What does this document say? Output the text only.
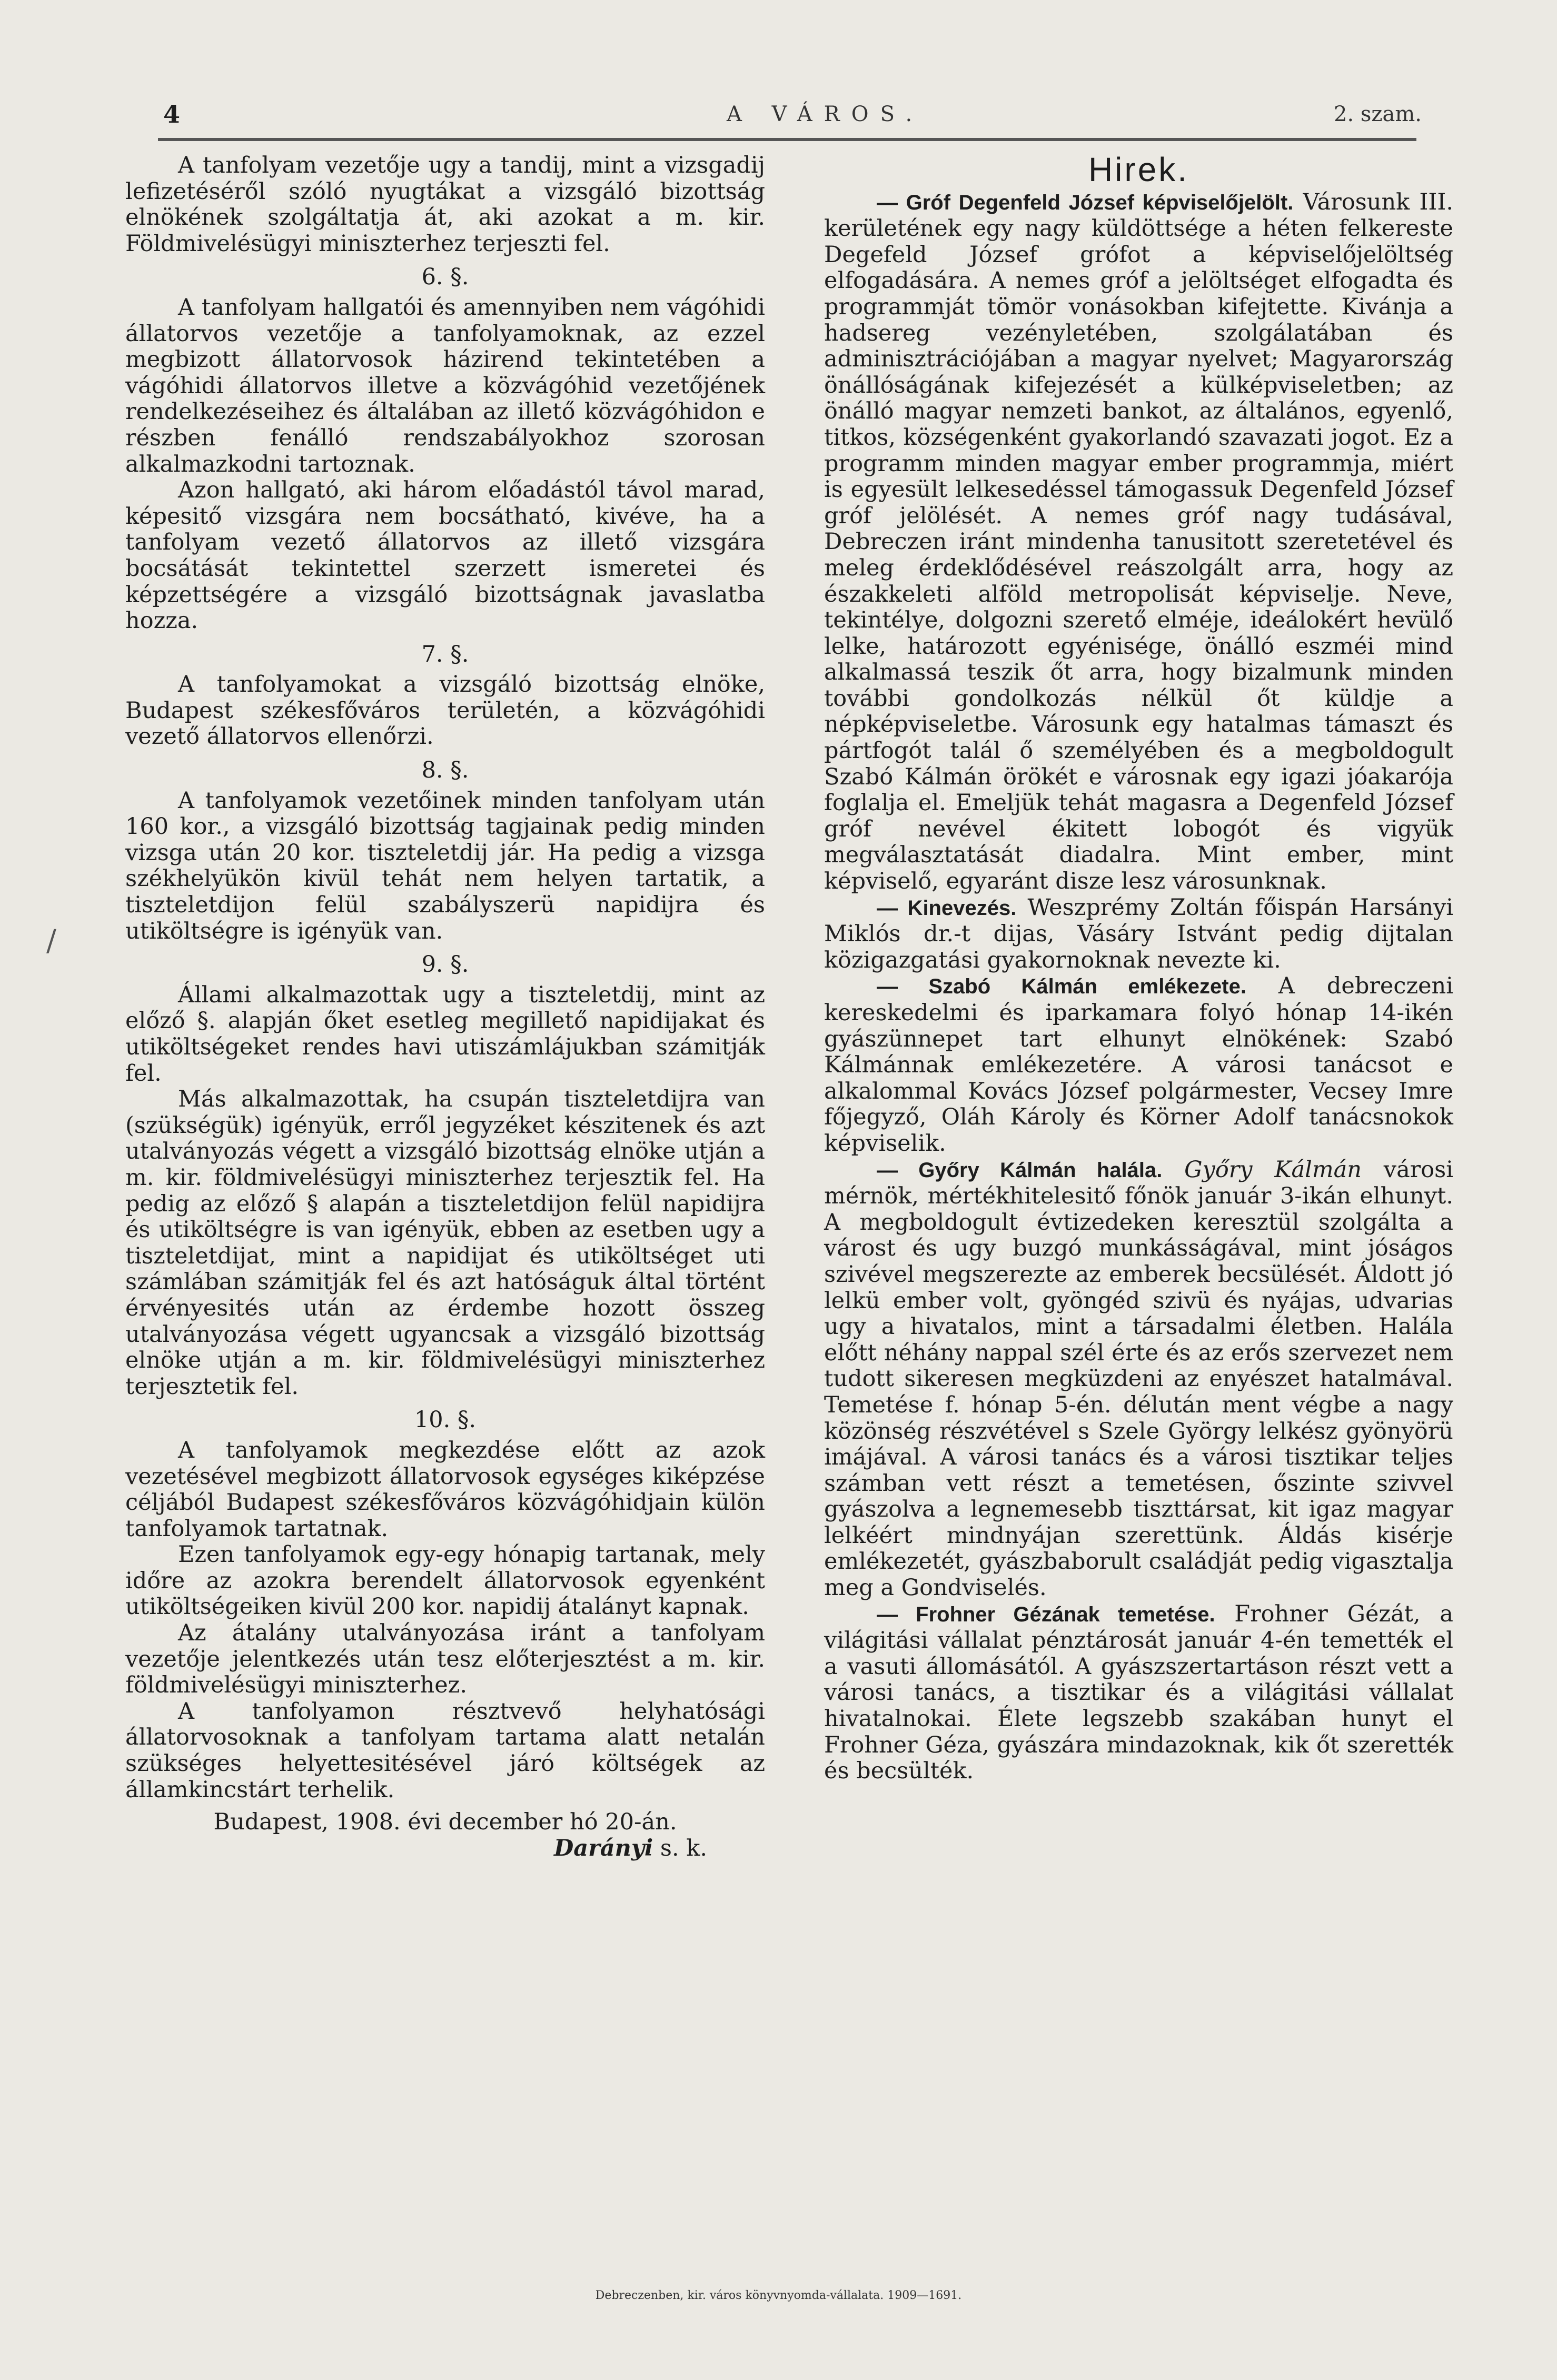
4	A VÁROS.	2. szam.
/

A tanfolyam vezetője ugy a tandij, mint a vizsgadij lefizetéséről szóló nyugtákat a vizsgáló bizottság elnökének szolgáltatja át, aki azokat a m. kir. Földmivelésügyi miniszterhez terjeszti fel.

6. §.

A tanfolyam hallgatói és amennyiben nem vágóhidi állatorvos vezetője a tanfolyamoknak, az ezzel megbizott állatorvosok házirend tekintetében a vágóhidi állatorvos illetve a közvágóhid vezetőjének rendelkezéseihez és általában az illető közvágóhidon e részben fenálló rendszabályokhoz szorosan alkalmazkodni tartoznak.

Azon hallgató, aki három előadástól távol marad, képesitő vizsgára nem bocsátható, kivéve, ha a tanfolyam vezető állatorvos az illető vizsgára bocsátását tekintettel szerzett ismeretei és képzettségére a vizsgáló bizottságnak javaslatba hozza.

7. §.

A tanfolyamokat a vizsgáló bizottság elnöke, Budapest székesfőváros területén, a közvágóhidi vezető állatorvos ellenőrzi.

8. §.

A tanfolyamok vezetőinek minden tanfolyam után 160 kor., a vizsgáló bizottság tagjainak pedig minden vizsga után 20 kor. tiszteletdij jár. Ha pedig a vizsga székhelyükön kivül tehát nem helyen tartatik, a tiszteletdijon felül szabályszerü napidijra és utiköltségre is igényük van.

9. §.

Állami alkalmazottak ugy a tiszteletdij, mint az előző §. alapján őket esetleg megillető napidijakat és utiköltségeket rendes havi utiszámlájukban számitják fel.

Más alkalmazottak, ha csupán tiszteletdijra van (szükségük) igényük, erről jegyzéket készitenek és azt utalványozás végett a vizsgáló bizottság elnöke utján a m. kir. földmivelésügyi miniszterhez terjesztik fel. Ha pedig az előző § alapán a tiszteletdijon felül napidijra és utiköltségre is van igényük, ebben az esetben ugy a tiszteletdijat, mint a napidijat és utiköltséget uti számlában számitják fel és azt hatóságuk által történt érvényesités után az érdembe hozott összeg utalványozása végett ugyancsak a vizsgáló bizottság elnöke utján a m. kir. földmivelésügyi miniszterhez terjesztetik fel.

10. §.

A tanfolyamok megkezdése előtt az azok vezetésével megbizott állatorvosok egységes kiképzése céljából Budapest székesfőváros közvágóhidjain külön tanfolyamok tartatnak.

Ezen tanfolyamok egy-egy hónapig tartanak, mely időre az azokra berendelt állatorvosok egyenként utiköltségeiken kivül 200 kor. napidij átalányt kapnak.

Az átalány utalványozása iránt a tanfolyam vezetője jelentkezés után tesz előterjesztést a m. kir. földmivelésügyi miniszterhez.

A tanfolyamon résztvevő helyhatósági állatorvosoknak a tanfolyam tartama alatt netalán szükséges helyettesitésével járó költségek az államkincstárt terhelik.

Budapest, 1908. évi december hó 20-án.
Darányi s. k.
Hirek.

— Gróf Degenfeld József képviselőjelölt. Városunk III. kerületének egy nagy küldöttsége a héten felkereste Degefeld József grófot a képviselőjelöltség elfogadására. A nemes gróf a jelöltséget elfogadta és programmját tömör vonásokban kifejtette. Kivánja a hadsereg vezényletében, szolgálatában és adminisztrációjában a magyar nyelvet; Magyarország önállóságának kifejezését a külképviseletben; az önálló magyar nemzeti bankot, az általános, egyenlő, titkos, községenként gyakorlandó szavazati jogot. Ez a programm minden magyar ember programmja, miért is egyesült lelkesedéssel támogassuk Degenfeld József gróf jelölését. A nemes gróf nagy tudásával, Debreczen iránt mindenha tanusitott szeretetével és meleg érdeklődésével reászolgált arra, hogy az északkeleti alföld metropolisát képviselje. Neve, tekintélye, dolgozni szerető elméje, ideálokért hevülő lelke, határozott egyénisége, önálló eszméi mind alkalmassá teszik őt arra, hogy bizalmunk minden további gondolkozás nélkül őt küldje a népképviseletbe. Városunk egy hatalmas támaszt és pártfogót talál ő személyében és a megboldogult Szabó Kálmán örökét e városnak egy igazi jóakarója foglalja el. Emeljük tehát magasra a Degenfeld József gróf nevével ékitett lobogót és vigyük megválasztatását diadalra. Mint ember, mint képviselő, egyaránt disze lesz városunknak.

— Kinevezés. Weszprémy Zoltán főispán Harsányi Miklós dr.-t dijas, Vásáry Istvánt pedig dijtalan közigazgatási gyakornoknak nevezte ki.

— Szabó Kálmán emlékezete. A debreczeni kereskedelmi és iparkamara folyó hónap 14-ikén gyászünnepet tart elhunyt elnökének: Szabó Kálmánnak emlékezetére. A városi tanácsot e alkalommal Kovács József polgármester, Vecsey Imre főjegyző, Oláh Károly és Körner Adolf tanácsnokok képviselik.

— Győry Kálmán halála. Győry Kálmán városi mérnök, mértékhitelesitő főnök január 3-ikán elhunyt. A megboldogult évtizedeken keresztül szolgálta a várost és ugy buzgó munkásságával, mint jóságos szivével megszerezte az emberek becsülését. Áldott jó lelkü ember volt, gyöngéd szivü és nyájas, udvarias ugy a hivatalos, mint a társadalmi életben. Halála előtt néhány nappal szél érte és az erős szervezet nem tudott sikeresen megküzdeni az enyészet hatalmával. Temetése f. hónap 5-én. délután ment végbe a nagy közönség részvétével s Szele György lelkész gyönyörü imájával. A városi tanács és a városi tisztikar teljes számban vett részt a temetésen, őszinte szivvel gyászolva a legnemesebb tiszttársat, kit igaz magyar lelkéért mindnyájan szerettünk. Áldás kisérje emlékezetét, gyászbaborult családját pedig vigasztalja meg a Gondviselés.

— Frohner Gézának temetése. Frohner Gézát, a világitási vállalat pénztárosát január 4-én temették el a vasuti állomásától. A gyászszertartáson részt vett a városi tanács, a tisztikar és a világitási vállalat hivatalnokai. Élete legszebb szakában hunyt el Frohner Géza, gyászára mindazoknak, kik őt szerették és becsülték.

Debreczenben, kir. város könyvnyomda-vállalata. 1909—1691.
